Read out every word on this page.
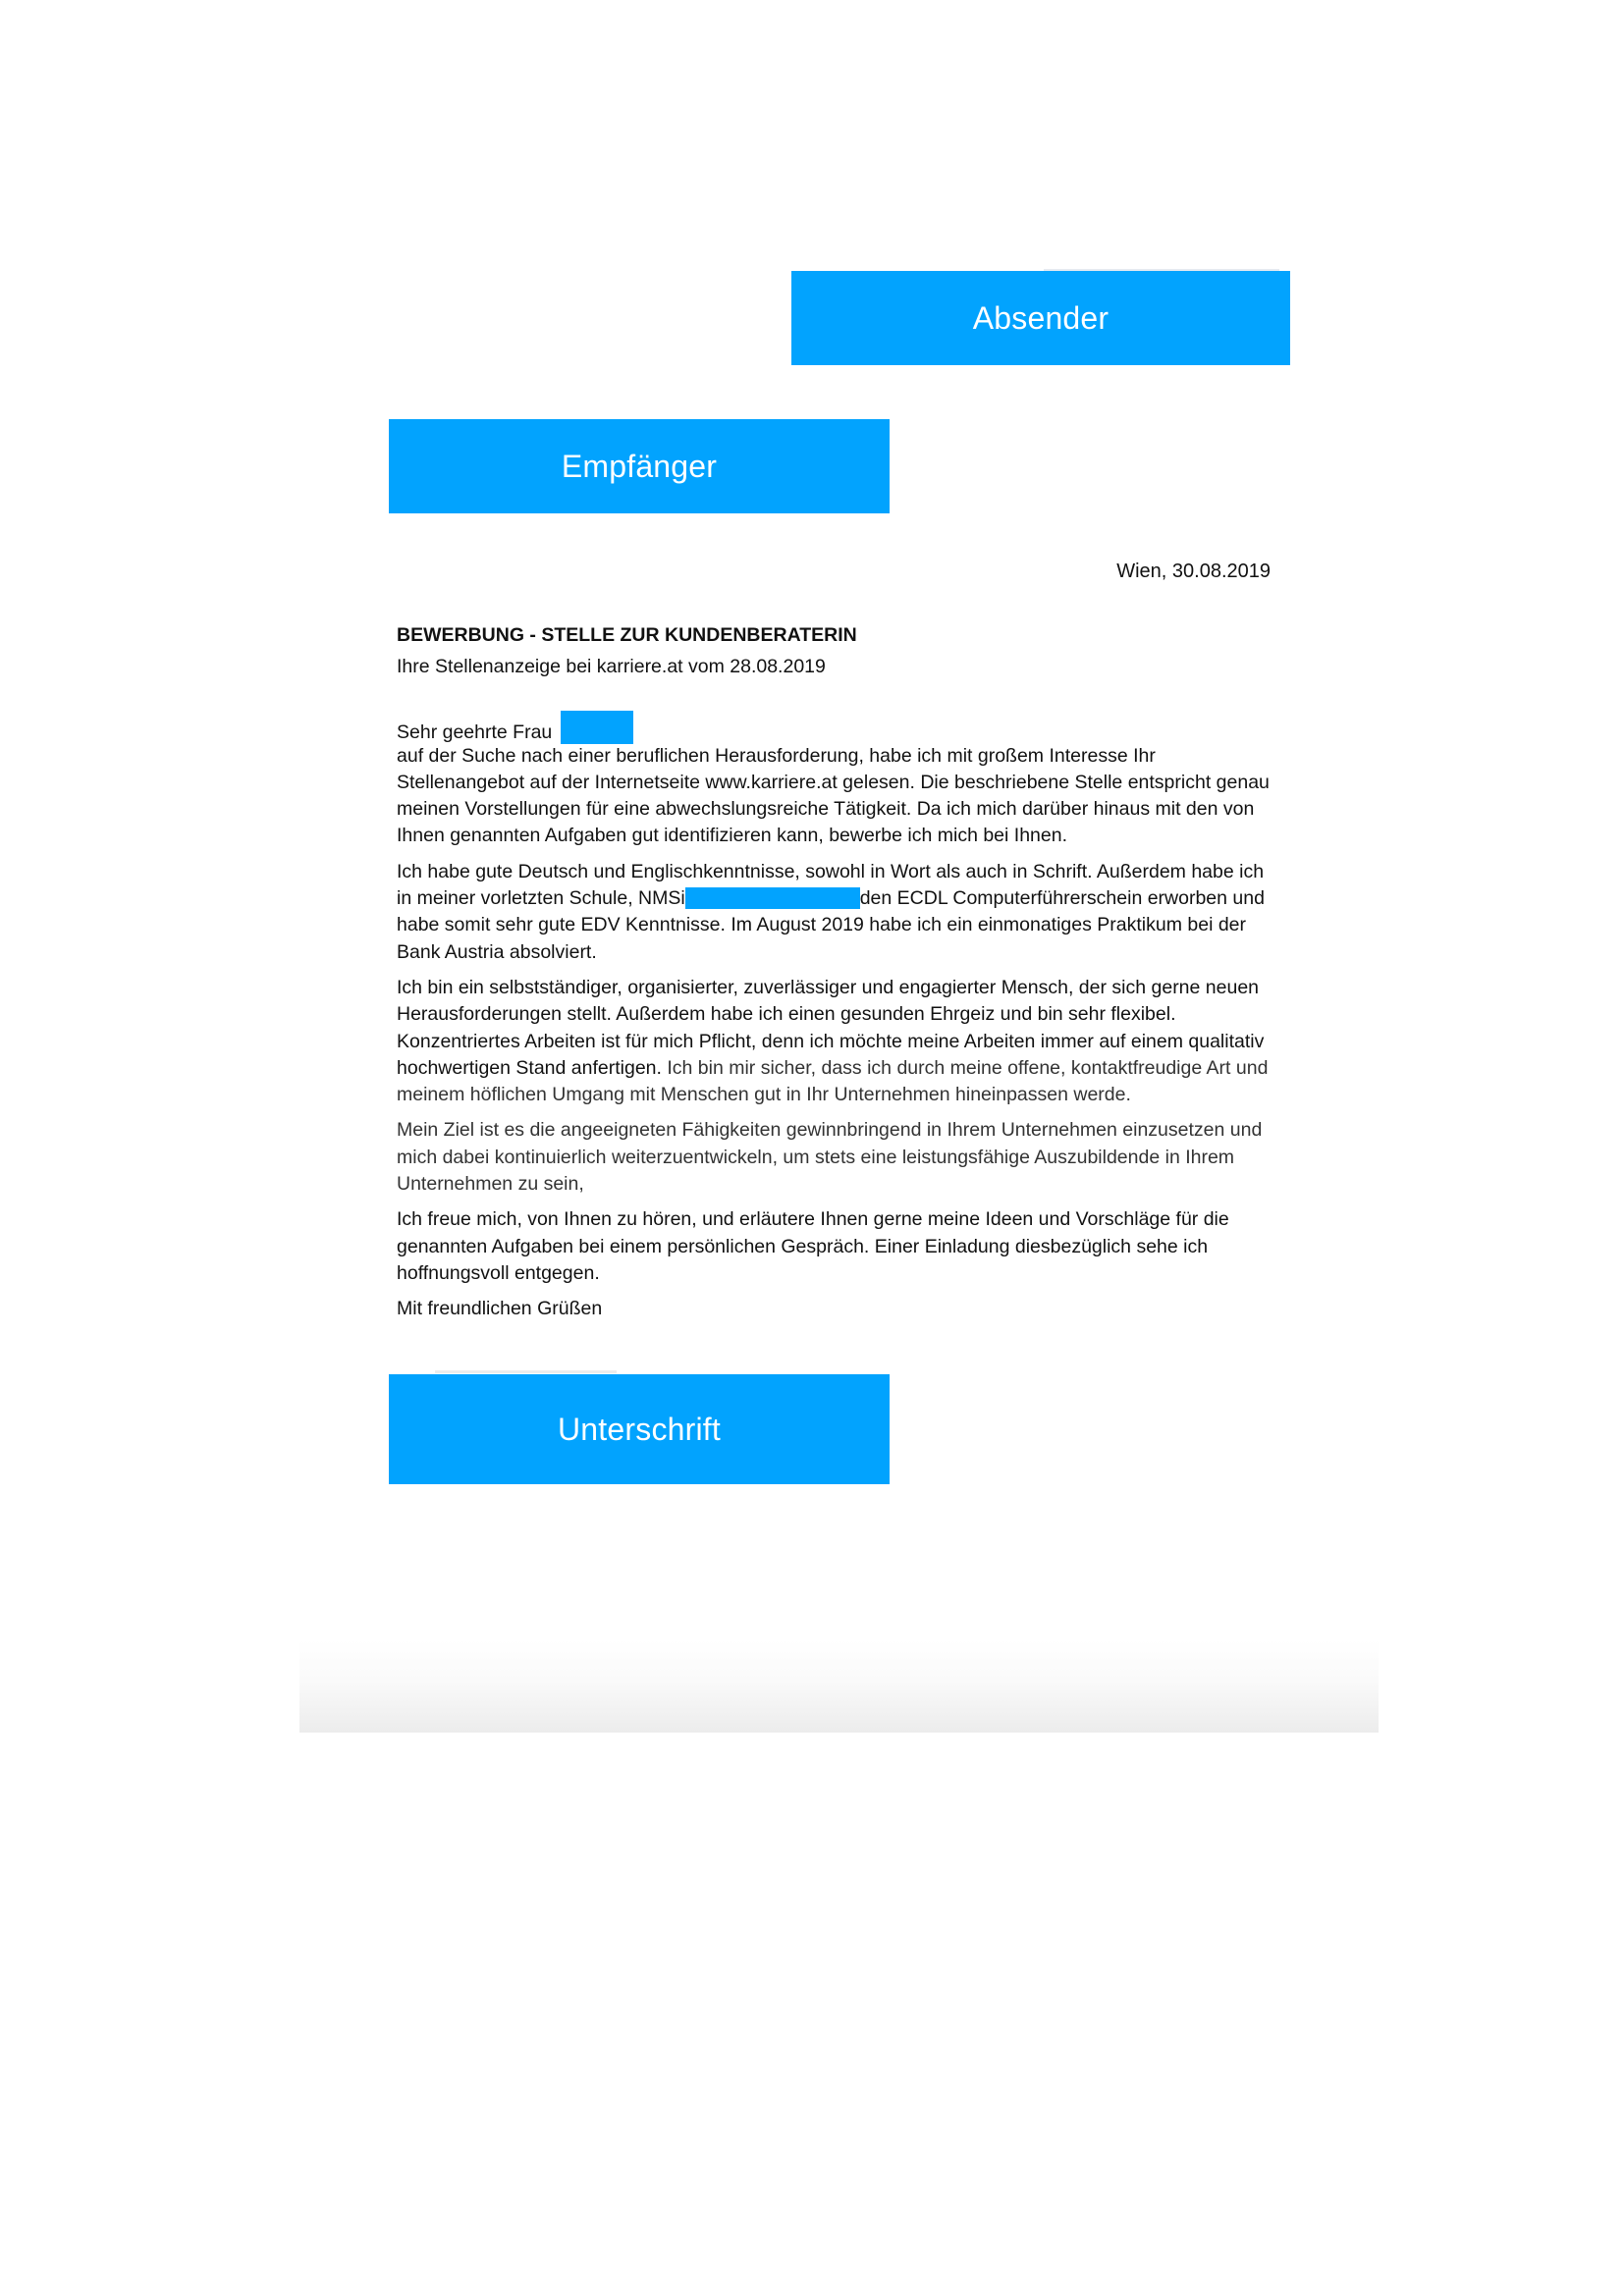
Absender
Empfänger
Wien, 30.08.2019

BEWERBUNG - STELLE ZUR KUNDENBERATERIN

Ihre Stellenanzeige bei karriere.at vom 28.08.2019

Sehr geehrte Frau

auf der Suche nach einer beruflichen Herausforderung, habe ich mit großem Interesse Ihr Stellenangebot auf der Internetseite www.karriere.at gelesen. Die beschriebene Stelle entspricht genau meinen Vorstellungen für eine abwechslungsreiche Tätigkeit. Da ich mich darüber hinaus mit den von Ihnen genannten Aufgaben gut identifizieren kann, bewerbe ich mich bei Ihnen.

Ich habe gute Deutsch und Englischkenntnisse, sowohl in Wort als auch in Schrift. Außerdem habe ich in meiner vorletzten Schule, NMSi	den ECDL Computerführerschein erworben und habe somit sehr gute EDV Kenntnisse. Im August 2019 habe ich ein einmonatiges Praktikum bei der Bank Austria absolviert.

Ich bin ein selbstständiger, organisierter, zuverlässiger und engagierter Mensch, der sich gerne neuen Herausforderungen stellt. Außerdem habe ich einen gesunden Ehrgeiz und bin sehr flexibel. Konzentriertes Arbeiten ist für mich Pflicht, denn ich möchte meine Arbeiten immer auf einem qualitativ hochwertigen Stand anfertigen. Ich bin mir sicher, dass ich durch meine offene, kontaktfreudige Art und meinem höflichen Umgang mit Menschen gut in Ihr Unternehmen hineinpassen werde.

Mein Ziel ist es die angeeigneten Fähigkeiten gewinnbringend in Ihrem Unternehmen einzusetzen und mich dabei kontinuierlich weiterzuentwickeln, um stets eine leistungsfähige Auszubildende in Ihrem Unternehmen zu sein,

Ich freue mich, von Ihnen zu hören, und erläutere Ihnen gerne meine Ideen und Vorschläge für die genannten Aufgaben bei einem persönlichen Gespräch. Einer Einladung diesbezüglich sehe ich hoffnungsvoll entgegen.

Mit freundlichen Grüßen

Unterschrift
